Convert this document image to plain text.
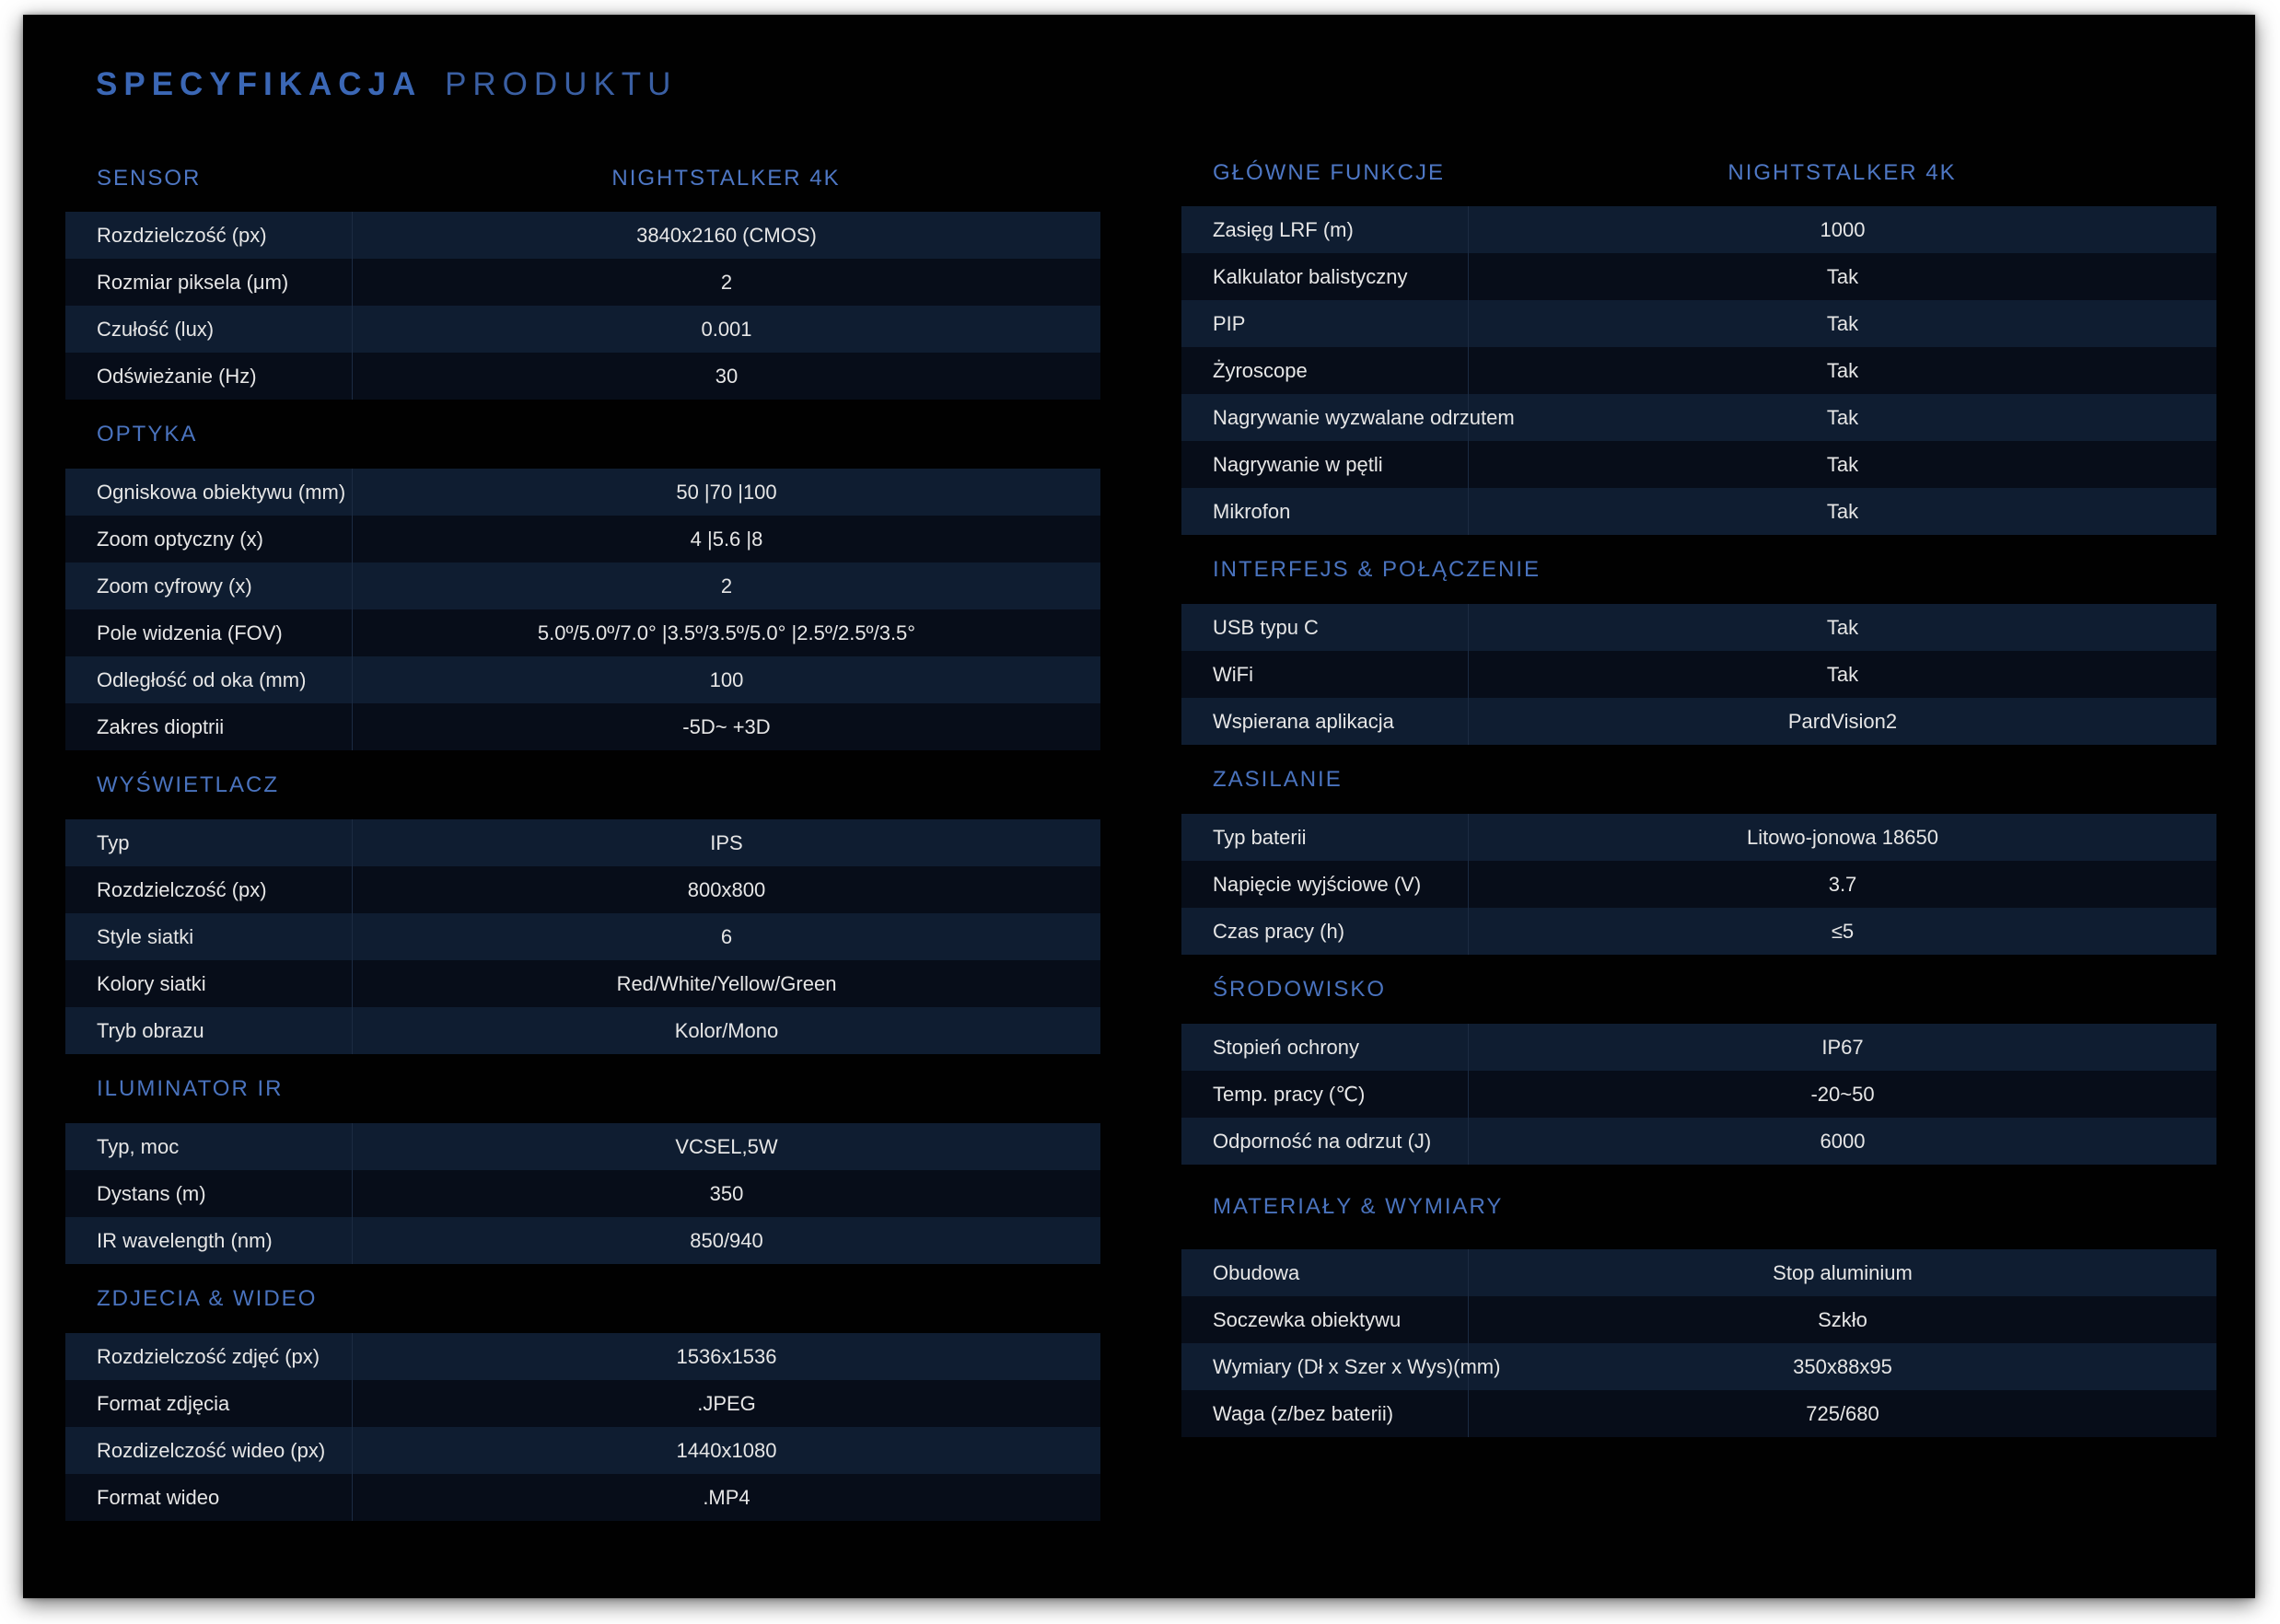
SPECYFIKACJA PRODUKTU
SENSOR	NIGHTSTALKER 4K
Rozdzielczość (px)	3840x2160 (CMOS)
Rozmiar piksela (μm)	2
Czułość (lux)	0.001
Odświeżanie (Hz)	30
OPTYKA
Ogniskowa obiektywu (mm)	50 |70 |100
Zoom optyczny (x)	4 |5.6 |8
Zoom cyfrowy (x)	2
Pole widzenia (FOV)	5.0º/5.0º/7.0° |3.5º/3.5º/5.0° |2.5º/2.5º/3.5°
Odległość od oka (mm)	100
Zakres dioptrii	-5D~ +3D
WYŚWIETLACZ
Typ	IPS
Rozdzielczość (px)	800x800
Style siatki	6
Kolory siatki	Red/White/Yellow/Green
Tryb obrazu	Kolor/Mono
ILUMINATOR IR
Typ, moc	VCSEL,5W
Dystans (m)	350
IR wavelength (nm)	850/940
ZDJECIA & WIDEO
Rozdzielczość zdjęć (px)	1536x1536
Format zdjęcia	.JPEG
Rozdizelczość wideo (px)	1440x1080
Format wideo	.MP4
GŁÓWNE FUNKCJE	NIGHTSTALKER 4K
Zasięg LRF (m)	1000
Kalkulator balistyczny	Tak
PIP	Tak
Żyroscope	Tak
Nagrywanie wyzwalane odrzutem	Tak
Nagrywanie w pętli	Tak
Mikrofon	Tak
INTERFEJS & POŁĄCZENIE
USB typu C	Tak
WiFi	Tak
Wspierana aplikacja	PardVision2
ZASILANIE
Typ baterii	Litowo-jonowa 18650
Napięcie wyjściowe (V)	3.7
Czas pracy (h)	≤5
ŚRODOWISKO
Stopień ochrony	IP67
Temp. pracy (℃)	-20~50
Odporność na odrzut (J)	6000
MATERIAŁY & WYMIARY
Obudowa	Stop aluminium
Soczewka obiektywu	Szkło
Wymiary (Dł x Szer x Wys)(mm)	350x88x95
Waga (z/bez baterii)	725/680
